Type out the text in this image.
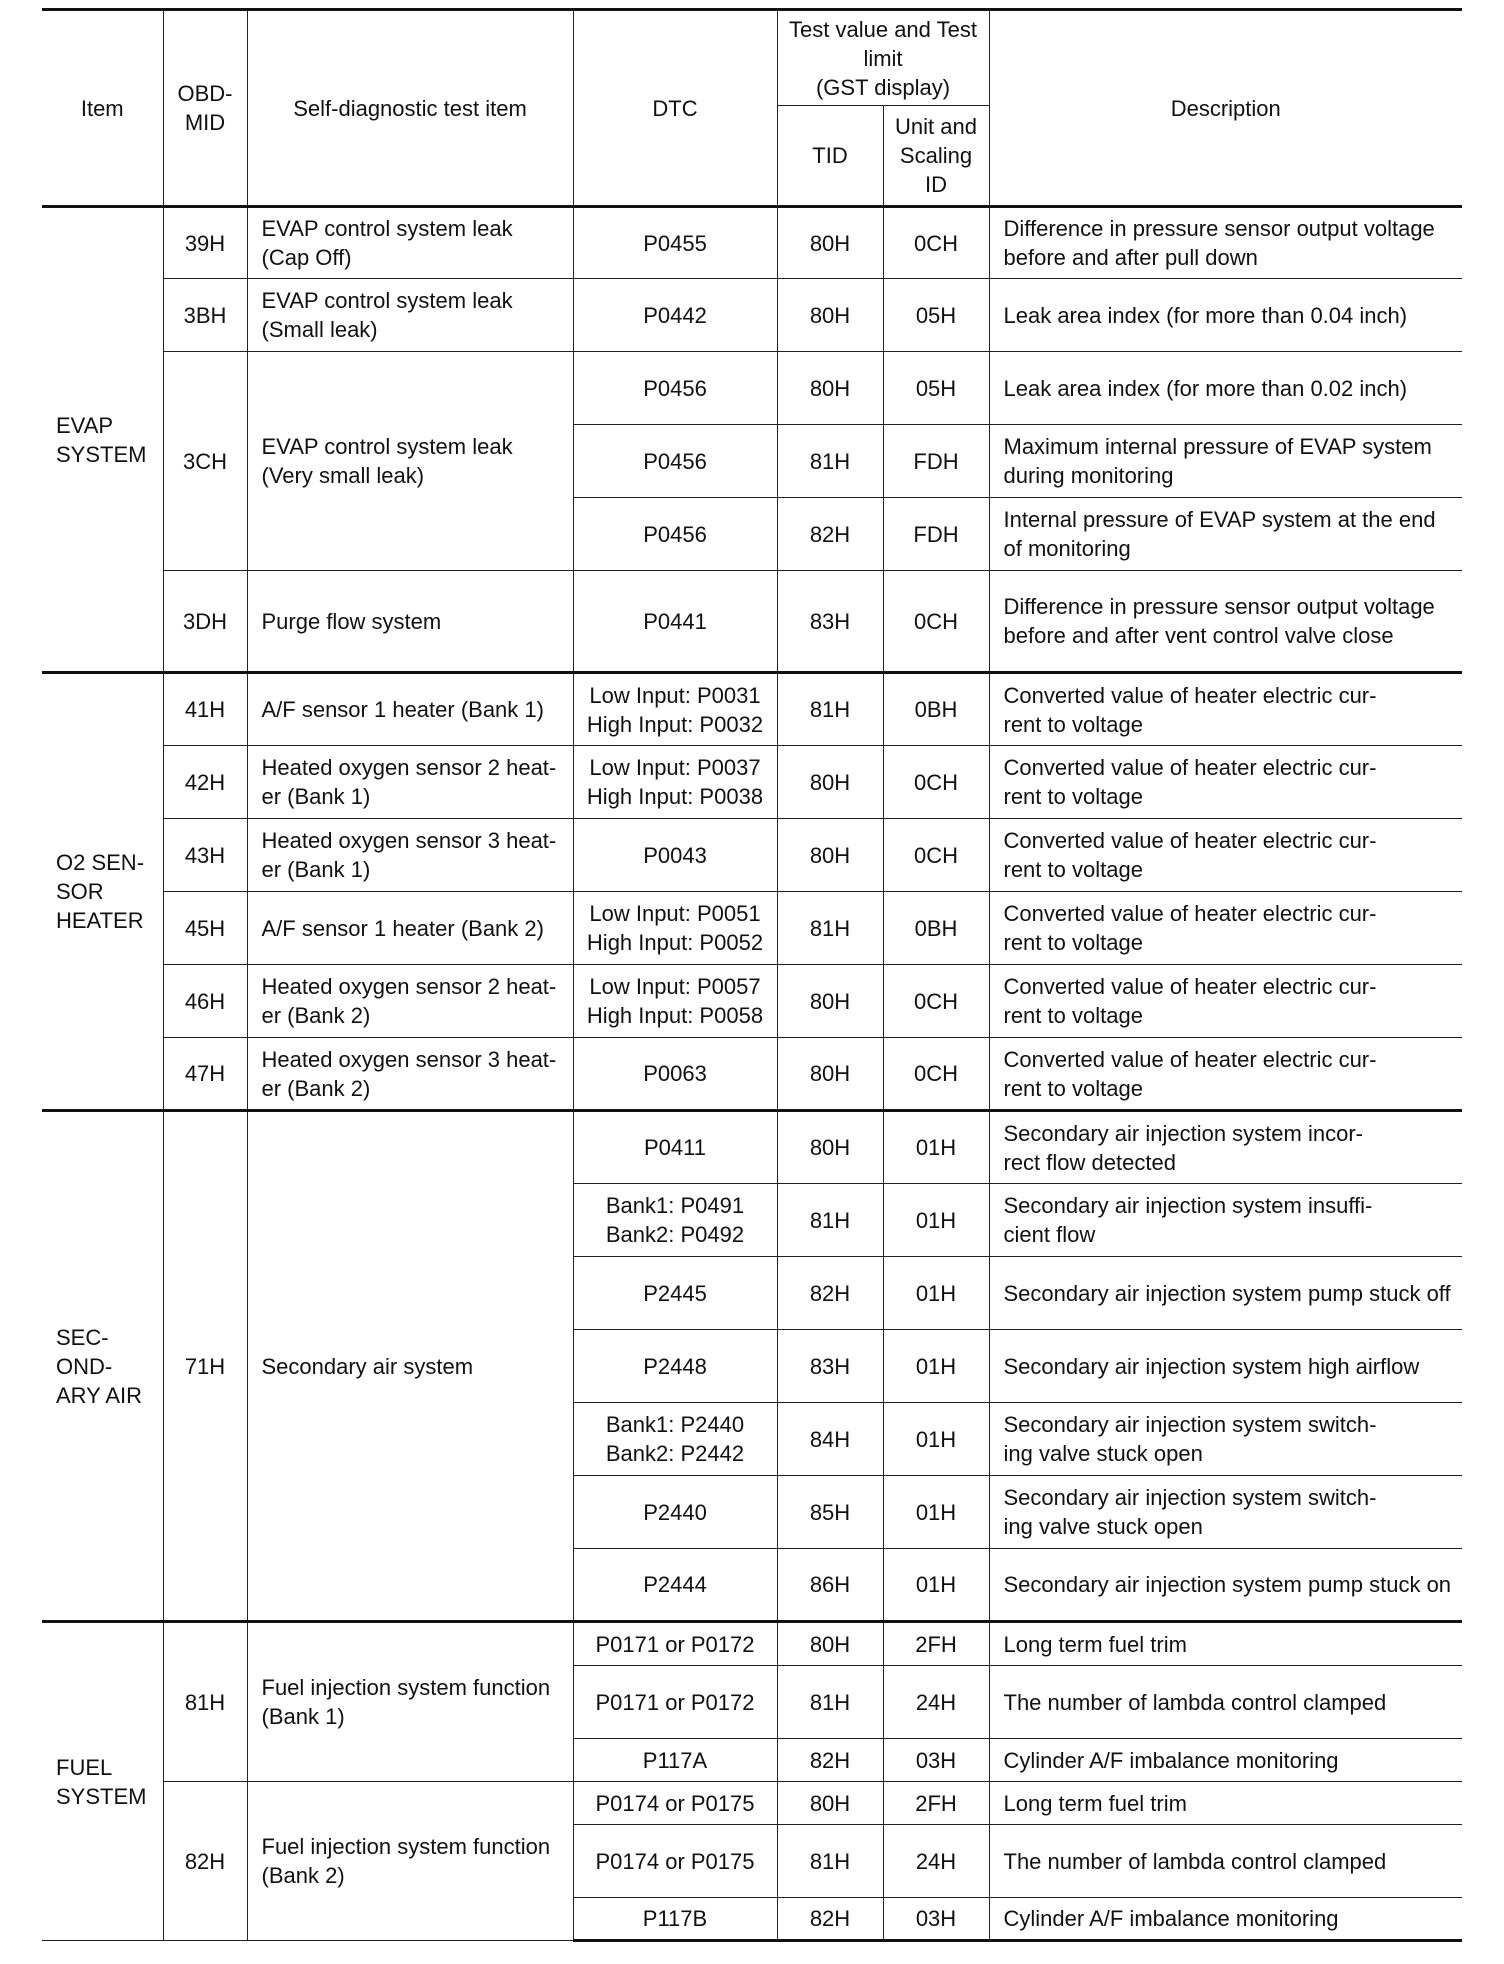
Item	OBD-
MID	Self-diagnostic test item	DTC	Test value and Test limit
(GST display)		Description
				TID	Unit and Scaling ID	
EVAP SYSTEM	39H	EVAP control system leak (Cap Off)	P0455	80H	0CH	Difference in pressure sensor output voltage before and after pull down
	3BH	EVAP control system leak (Small leak)	P0442	80H	05H	Leak area index (for more than 0.04 inch)
	3CH	EVAP control system leak (Very small leak)	P0456	80H	05H	Leak area index (for more than 0.02 inch)
			P0456	81H	FDH	Maximum internal pressure of EVAP system during monitoring
			P0456	82H	FDH	Internal pressure of EVAP system at the end of monitoring
	3DH	Purge flow system	P0441	83H	0CH	Difference in pressure sensor output voltage before and after vent control valve close
O2 SEN-
SOR
HEATER	41H	A/F sensor 1 heater (Bank 1)	Low Input: P0031
High Input: P0032	81H	0BH	Converted value of heater electric cur-
rent to voltage
	42H	Heated oxygen sensor 2 heat-
er (Bank 1)	Low Input: P0037
High Input: P0038	80H	0CH	Converted value of heater electric cur-
rent to voltage
	43H	Heated oxygen sensor 3 heat-
er (Bank 1)	P0043	80H	0CH	Converted value of heater electric cur-
rent to voltage
	45H	A/F sensor 1 heater (Bank 2)	Low Input: P0051
High Input: P0052	81H	0BH	Converted value of heater electric cur-
rent to voltage
	46H	Heated oxygen sensor 2 heat-
er (Bank 2)	Low Input: P0057
High Input: P0058	80H	0CH	Converted value of heater electric cur-
rent to voltage
	47H	Heated oxygen sensor 3 heat-
er (Bank 2)	P0063	80H	0CH	Converted value of heater electric cur-
rent to voltage
SEC-
OND-
ARY AIR	71H	Secondary air system	P0411	80H	01H	Secondary air injection system incor-
rect flow detected
			Bank1: P0491
Bank2: P0492	81H	01H	Secondary air injection system insuffi-
cient flow
			P2445	82H	01H	Secondary air injection system pump stuck off
			P2448	83H	01H	Secondary air injection system high airflow
			Bank1: P2440
Bank2: P2442	84H	01H	Secondary air injection system switch-
ing valve stuck open
			P2440	85H	01H	Secondary air injection system switch-
ing valve stuck open
			P2444	86H	01H	Secondary air injection system pump stuck on
FUEL SYSTEM	81H	Fuel injection system function (Bank 1)	P0171 or P0172	80H	2FH	Long term fuel trim
			P0171 or P0172	81H	24H	The number of lambda control clamped
			P117A	82H	03H	Cylinder A/F imbalance monitoring
	82H	Fuel injection system function (Bank 2)	P0174 or P0175	80H	2FH	Long term fuel trim
			P0174 or P0175	81H	24H	The number of lambda control clamped
			P117B	82H	03H	Cylinder A/F imbalance monitoring
